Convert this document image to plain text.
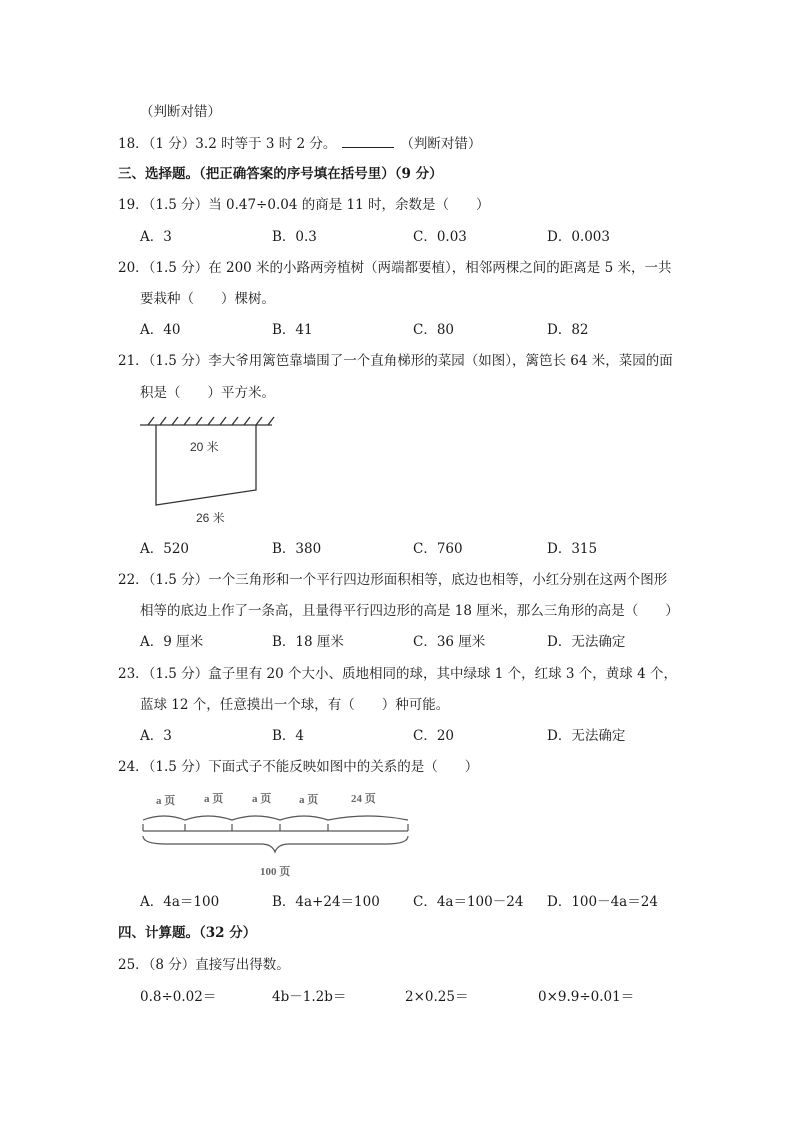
（判断对错）
18．（1 分）3.2 时等于 3 时 2 分。	（判断对错）
三、选择题。（把正确答案的序号填在括号里）（9 分）
19．（1.5 分）当 0.47÷0.04 的商是 11 时，余数是（　　）
A．3	B．0.3	C．0.03	D．0.003
20．（1.5 分）在 200 米的小路两旁植树（两端都要植），相邻两棵之间的距离是 5 米，一共
要栽种（　　）棵树。
A．40	B．41	C．80	D．82
21．（1.5 分）李大爷用篱笆靠墙围了一个直角梯形的菜园（如图），篱笆长 64 米，菜园的面
积是（　　）平方米。
20 米
26 米
A．520	B．380	C．760	D．315
22．（1.5 分）一个三角形和一个平行四边形面积相等，底边也相等，小红分别在这两个图形
相等的底边上作了一条高，且量得平行四边形的高是 18 厘米，那么三角形的高是（　　）
A．9 厘米	B．18 厘米	C．36 厘米	D．无法确定
23．（1.5 分）盒子里有 20 个大小、质地相同的球，其中绿球 1 个，红球 3 个，黄球 4 个，
蓝球 12 个，任意摸出一个球，有（　　）种可能。
A．3	B．4	C．20	D．无法确定
24．（1.5 分）下面式子不能反映如图中的关系的是（　　）
a 页	a 页	a 页	a 页	24 页
100 页
A．4a＝100	B．4a+24＝100 C．4a＝100－24 D．100－4a＝24
四、计算题。（32 分）
25．（8 分）直接写出得数。
0.8÷0.02＝	4b－1.2b＝	2×0.25＝	0×9.9÷0.01＝
